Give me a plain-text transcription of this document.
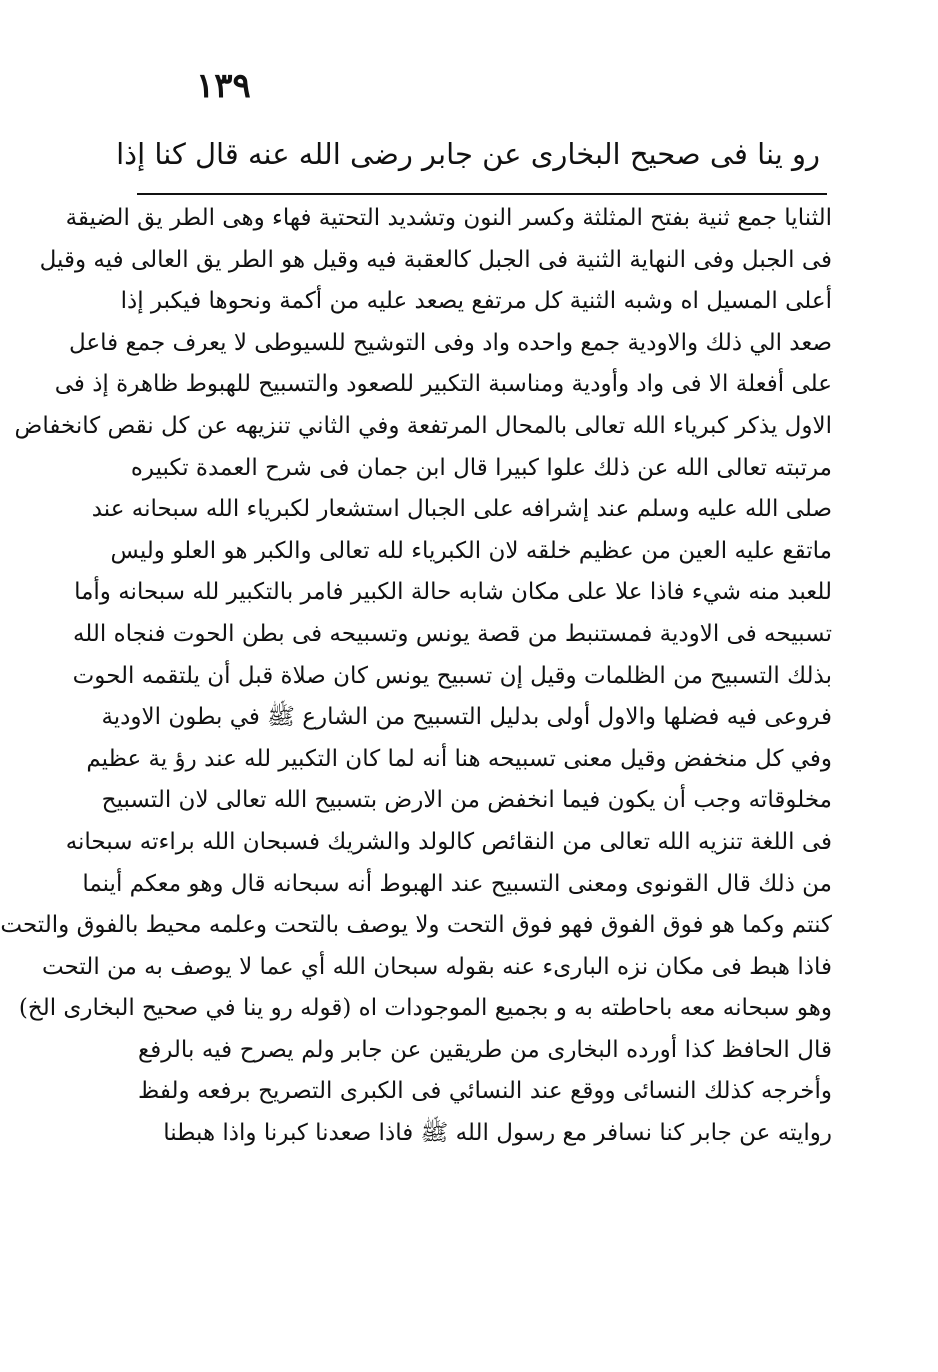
١٣٩
رو ينا فى صحيح البخارى عن جابر رضى الله عنه قال كنا إذا
الثنايا جمع ثنية بفتح المثلثة وكسر النون وتشديد التحتية فهاء وهى الطر يق الضيقة
فى الجبل وفى النهاية الثنية فى الجبل كالعقبة فيه وقيل هو الطر يق العالى فيه وقيل
أعلى المسيل اه وشبه الثنية كل مرتفع يصعد عليه من أكمة ونحوها فيكبر إذا
صعد الي ذلك والاودية جمع واحده واد وفى التوشيح للسيوطى لا يعرف جمع فاعل
على أفعلة الا فى واد وأودية ومناسبة التكبير للصعود والتسبيح للهبوط ظاهرة إذ فى
الاول يذكر كبرياء الله تعالى بالمحال المرتفعة وفي الثاني تنزيهه عن كل نقص كانخفاض
مرتبته تعالى الله عن ذلك علوا كبيرا قال ابن جمان فى شرح العمدة تكبيره
صلى الله عليه وسلم عند إشرافه على الجبال استشعار لكبرياء الله سبحانه عند
ماتقع عليه العين من عظيم خلقه لان الكبرياء لله تعالى والكبر هو العلو وليس
للعبد منه شيء فاذا علا على مكان شابه حالة الكبير فامر بالتكبير لله سبحانه وأما
تسبيحه فى الاودية فمستنبط من قصة يونس وتسبيحه فى بطن الحوت فنجاه الله
بذلك التسبيح من الظلمات وقيل إن تسبيح يونس كان صلاة قبل أن يلتقمه الحوت
فروعى فيه فضلها والاول أولى بدليل التسبيح من الشارع ﷺ في بطون الاودية
وفي كل منخفض وقيل معنى تسبيحه هنا أنه لما كان التكبير لله عند رؤ ية عظيم
مخلوقاته وجب أن يكون فيما انخفض من الارض بتسبيح الله تعالى لان التسبيح
فى اللغة تنزيه الله تعالى من النقائص كالولد والشريك فسبحان الله براءته سبحانه
من ذلك قال القونوى ومعنى التسبيح عند الهبوط أنه سبحانه قال وهو معكم أينما
كنتم وكما هو فوق الفوق فهو فوق التحت ولا يوصف بالتحت وعلمه محيط بالفوق والتحت
فاذا هبط فى مكان نزه البارىء عنه بقوله سبحان الله أي عما لا يوصف به من التحت
وهو سبحانه معه باحاطته به و بجميع الموجودات اه (قوله رو ينا في صحيح البخارى الخ)
قال الحافظ كذا أورده البخارى من طريقين عن جابر ولم يصرح فيه بالرفع
وأخرجه كذلك النسائى ووقع عند النسائي فى الكبرى التصريح برفعه ولفظ
روايته عن جابر كنا نسافر مع رسول الله ﷺ فاذا صعدنا كبرنا واذا هبطنا
